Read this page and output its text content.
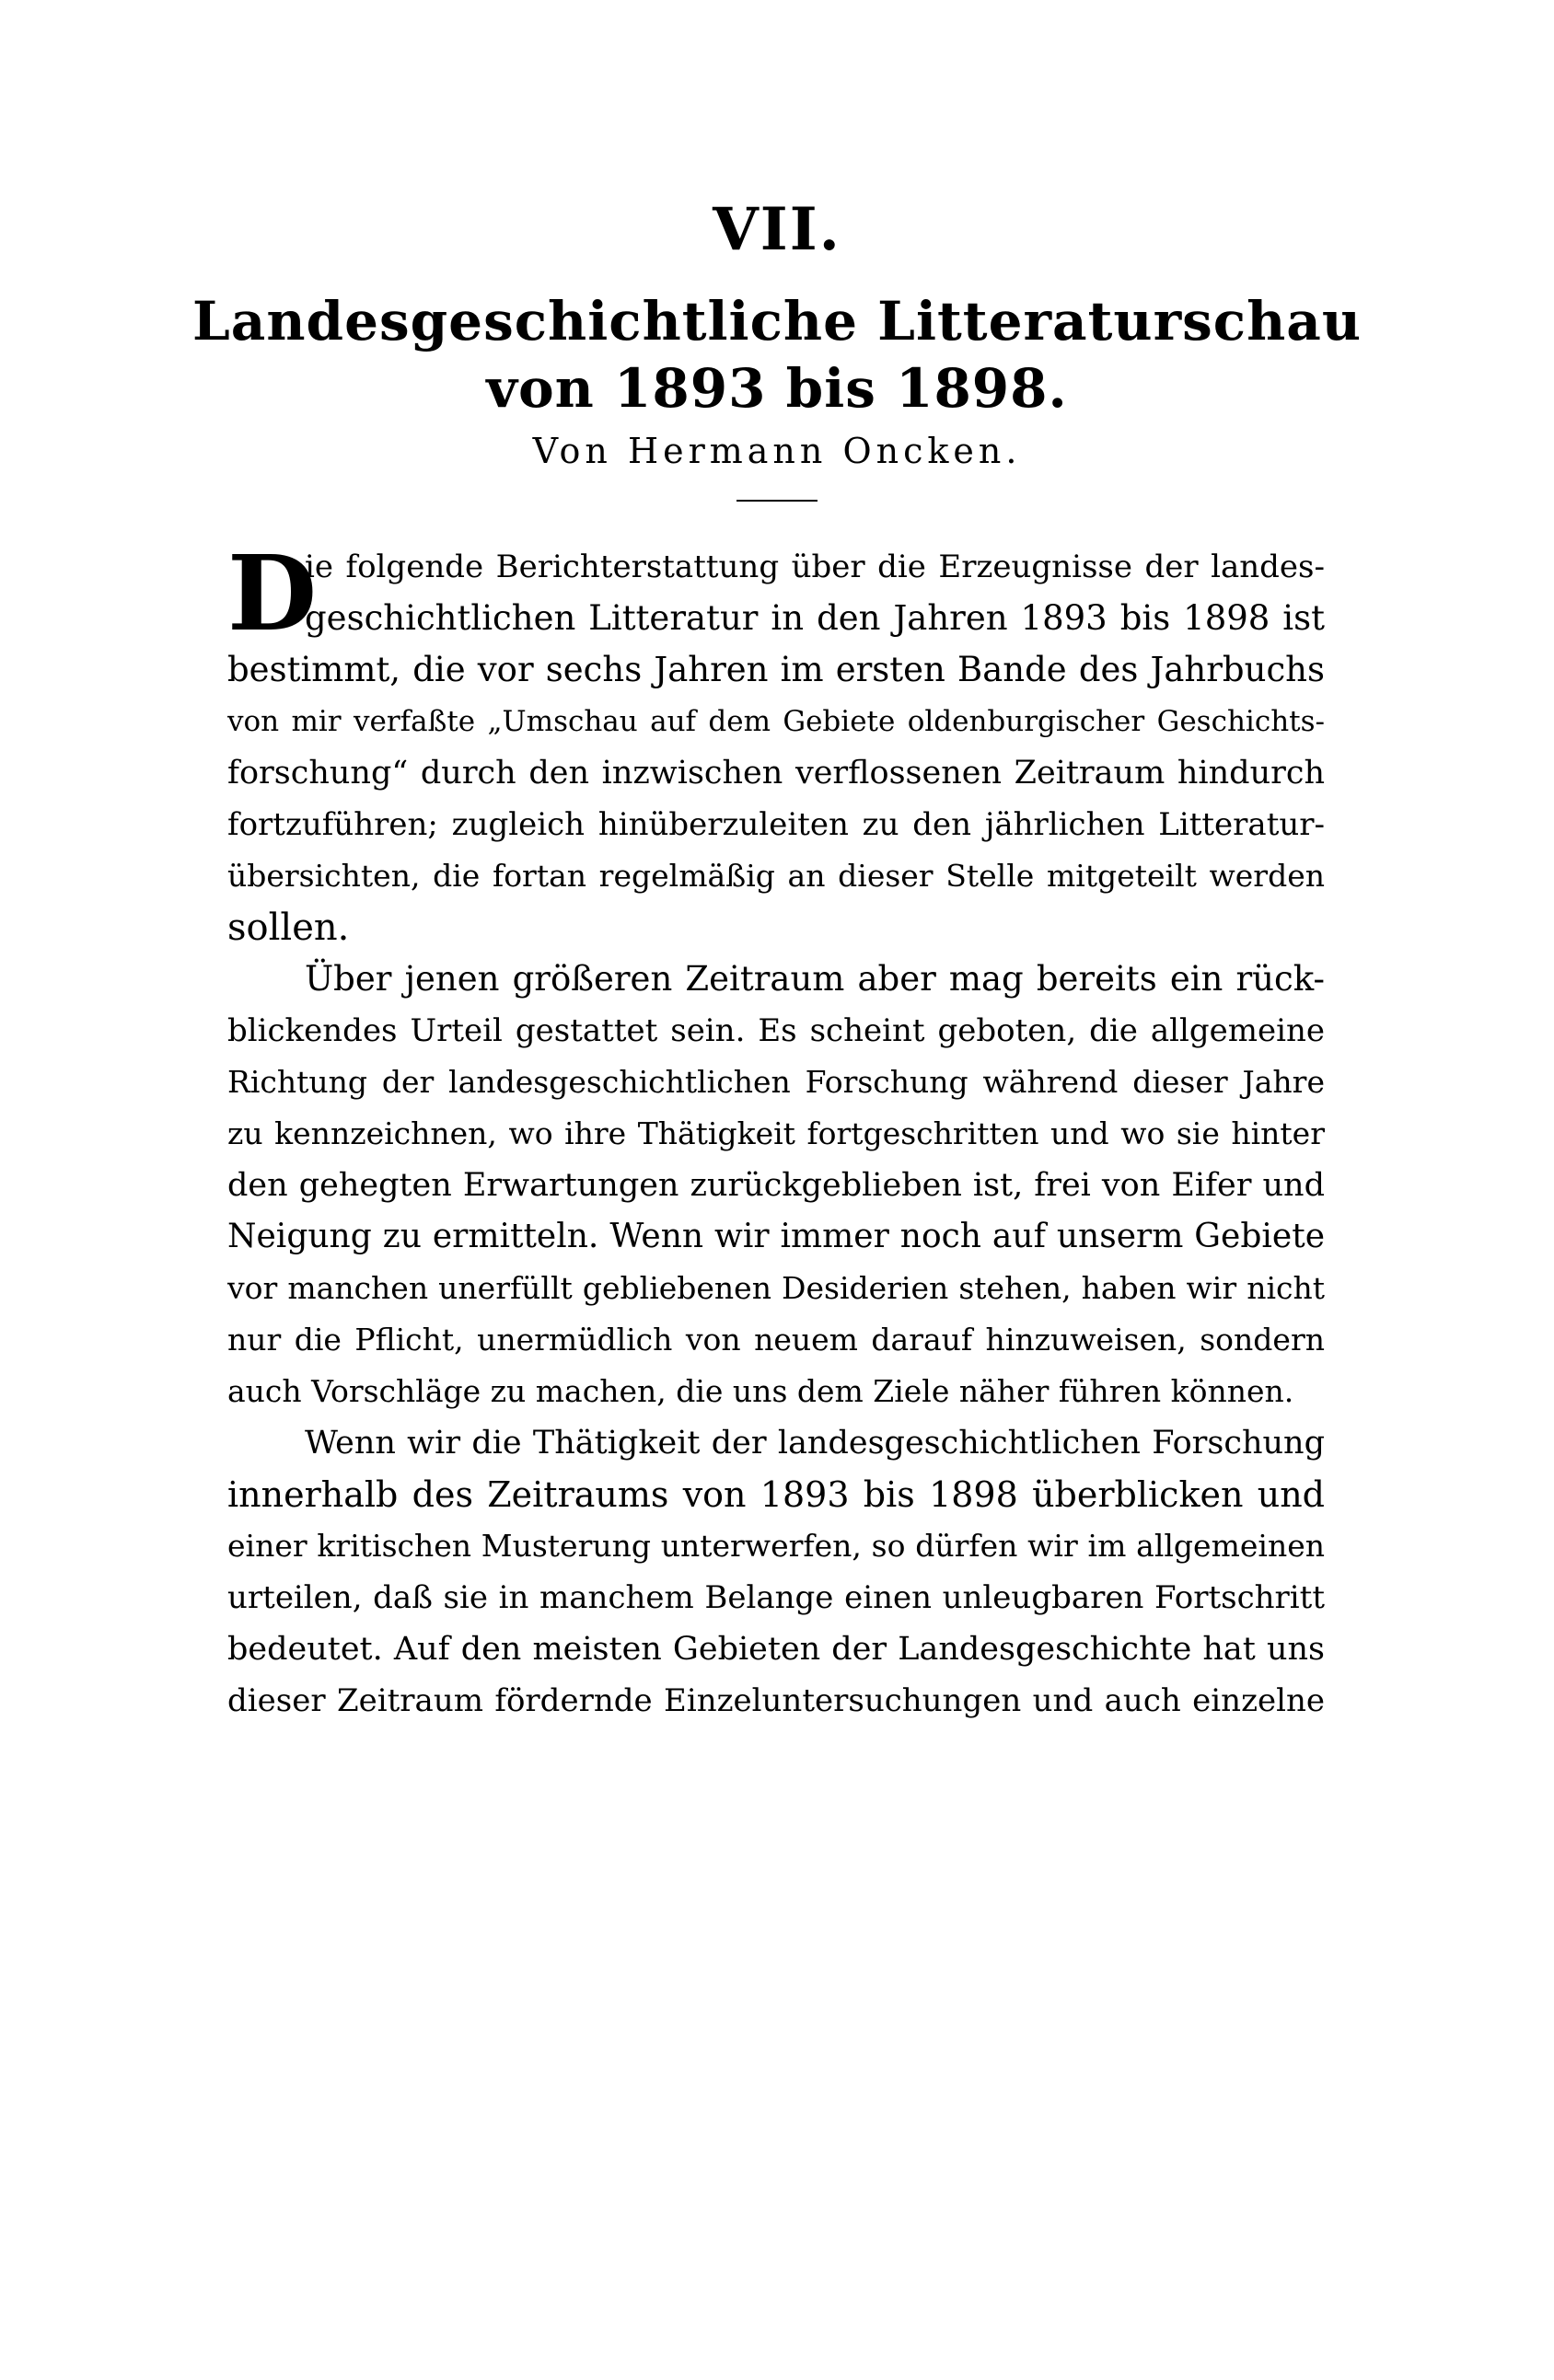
VII.
Landesgeschichtliche Litteraturschau
von 1893 bis 1898.
Von Hermann Oncken.
D
ie folgende Berichterstattung über die Erzeugnisse der landes-
geschichtlichen Litteratur in den Jahren 1893 bis 1898 ist
bestimmt, die vor sechs Jahren im ersten Bande des Jahrbuchs
von mir verfaßte „Umschau auf dem Gebiete oldenburgischer Geschichts-
forschung“ durch den inzwischen verflossenen Zeitraum hindurch
fortzuführen; zugleich hinüberzuleiten zu den jährlichen Litteratur-
übersichten, die fortan regelmäßig an dieser Stelle mitgeteilt werden
sollen.
Über jenen größeren Zeitraum aber mag bereits ein rück-
blickendes Urteil gestattet sein. Es scheint geboten, die allgemeine
Richtung der landesgeschichtlichen Forschung während dieser Jahre
zu kennzeichnen, wo ihre Thätigkeit fortgeschritten und wo sie hinter
den gehegten Erwartungen zurückgeblieben ist, frei von Eifer und
Neigung zu ermitteln. Wenn wir immer noch auf unserm Gebiete
vor manchen unerfüllt gebliebenen Desiderien stehen, haben wir nicht
nur die Pflicht, unermüdlich von neuem darauf hinzuweisen, sondern
auch Vorschläge zu machen, die uns dem Ziele näher führen können.
Wenn wir die Thätigkeit der landesgeschichtlichen Forschung
innerhalb des Zeitraums von 1893 bis 1898 überblicken und
einer kritischen Musterung unterwerfen, so dürfen wir im allgemeinen
urteilen, daß sie in manchem Belange einen unleugbaren Fortschritt
bedeutet. Auf den meisten Gebieten der Landesgeschichte hat uns
dieser Zeitraum fördernde Einzeluntersuchungen und auch einzelne
